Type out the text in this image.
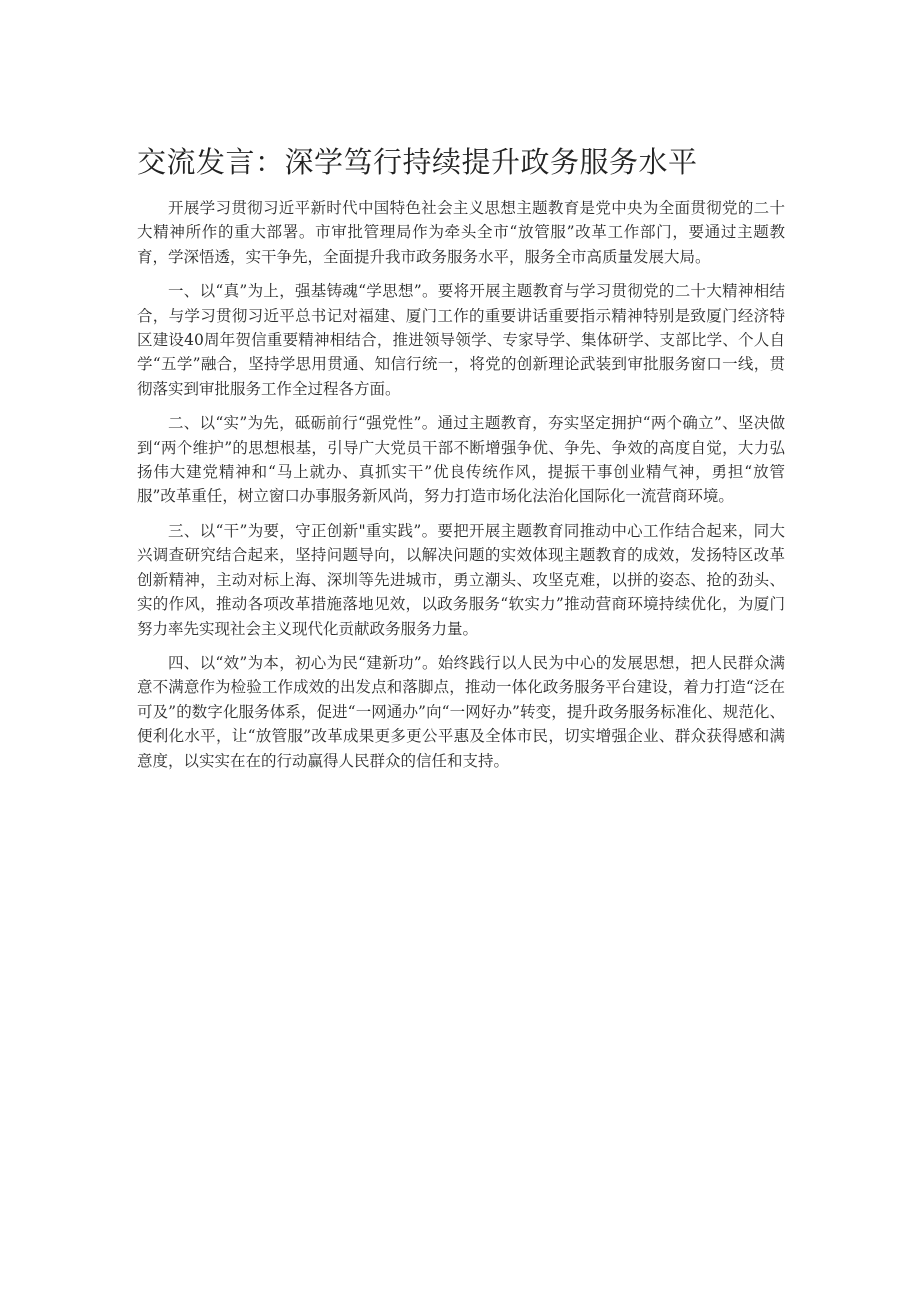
交流发言：深学笃行持续提升政务服务水平

开展学习贯彻习近平新时代中国特色社会主义思想主题教育是党中央为全面贯彻党的二十大精神所作的重大部署。市审批管理局作为牵头全市“放管服”改革工作部门，要通过主题教育，学深悟透，实干争先，全面提升我市政务服务水平，服务全市高质量发展大局。

一、以“真”为上，强基铸魂“学思想”。要将开展主题教育与学习贯彻党的二十大精神相结合，与学习贯彻习近平总书记对福建、厦门工作的重要讲话重要指示精神特别是致厦门经济特区建设40周年贺信重要精神相结合，推进领导领学、专家导学、集体研学、支部比学、个人自学“五学”融合，坚持学思用贯通、知信行统一，将党的创新理论武装到审批服务窗口一线，贯彻落实到审批服务工作全过程各方面。

二、以“实”为先，砥砺前行“强党性”。通过主题教育，夯实坚定拥护“两个确立”、坚决做到“两个维护”的思想根基，引导广大党员干部不断增强争优、争先、争效的高度自觉，大力弘扬伟大建党精神和“马上就办、真抓实干”优良传统作风，提振干事创业精气神，勇担“放管服”改革重任，树立窗口办事服务新风尚，努力打造市场化法治化国际化一流营商环境。

三、以“干”为要，守正创新"重实践”。要把开展主题教育同推动中心工作结合起来，同大兴调查研究结合起来，坚持问题导向，以解决问题的实效体现主题教育的成效，发扬特区改革创新精神，主动对标上海、深圳等先进城市，勇立潮头、攻坚克难，以拼的姿态、抢的劲头、实的作风，推动各项改革措施落地见效，以政务服务“软实力”推动营商环境持续优化，为厦门努力率先实现社会主义现代化贡献政务服务力量。

四、以“效”为本，初心为民“建新功”。始终践行以人民为中心的发展思想，把人民群众满意不满意作为检验工作成效的出发点和落脚点，推动一体化政务服务平台建设，着力打造“泛在可及”的数字化服务体系，促进“一网通办”向“一网好办”转变，提升政务服务标准化、规范化、便利化水平，让“放管服”改革成果更多更公平惠及全体市民，切实增强企业、群众获得感和满意度，以实实在在的行动赢得人民群众的信任和支持。
